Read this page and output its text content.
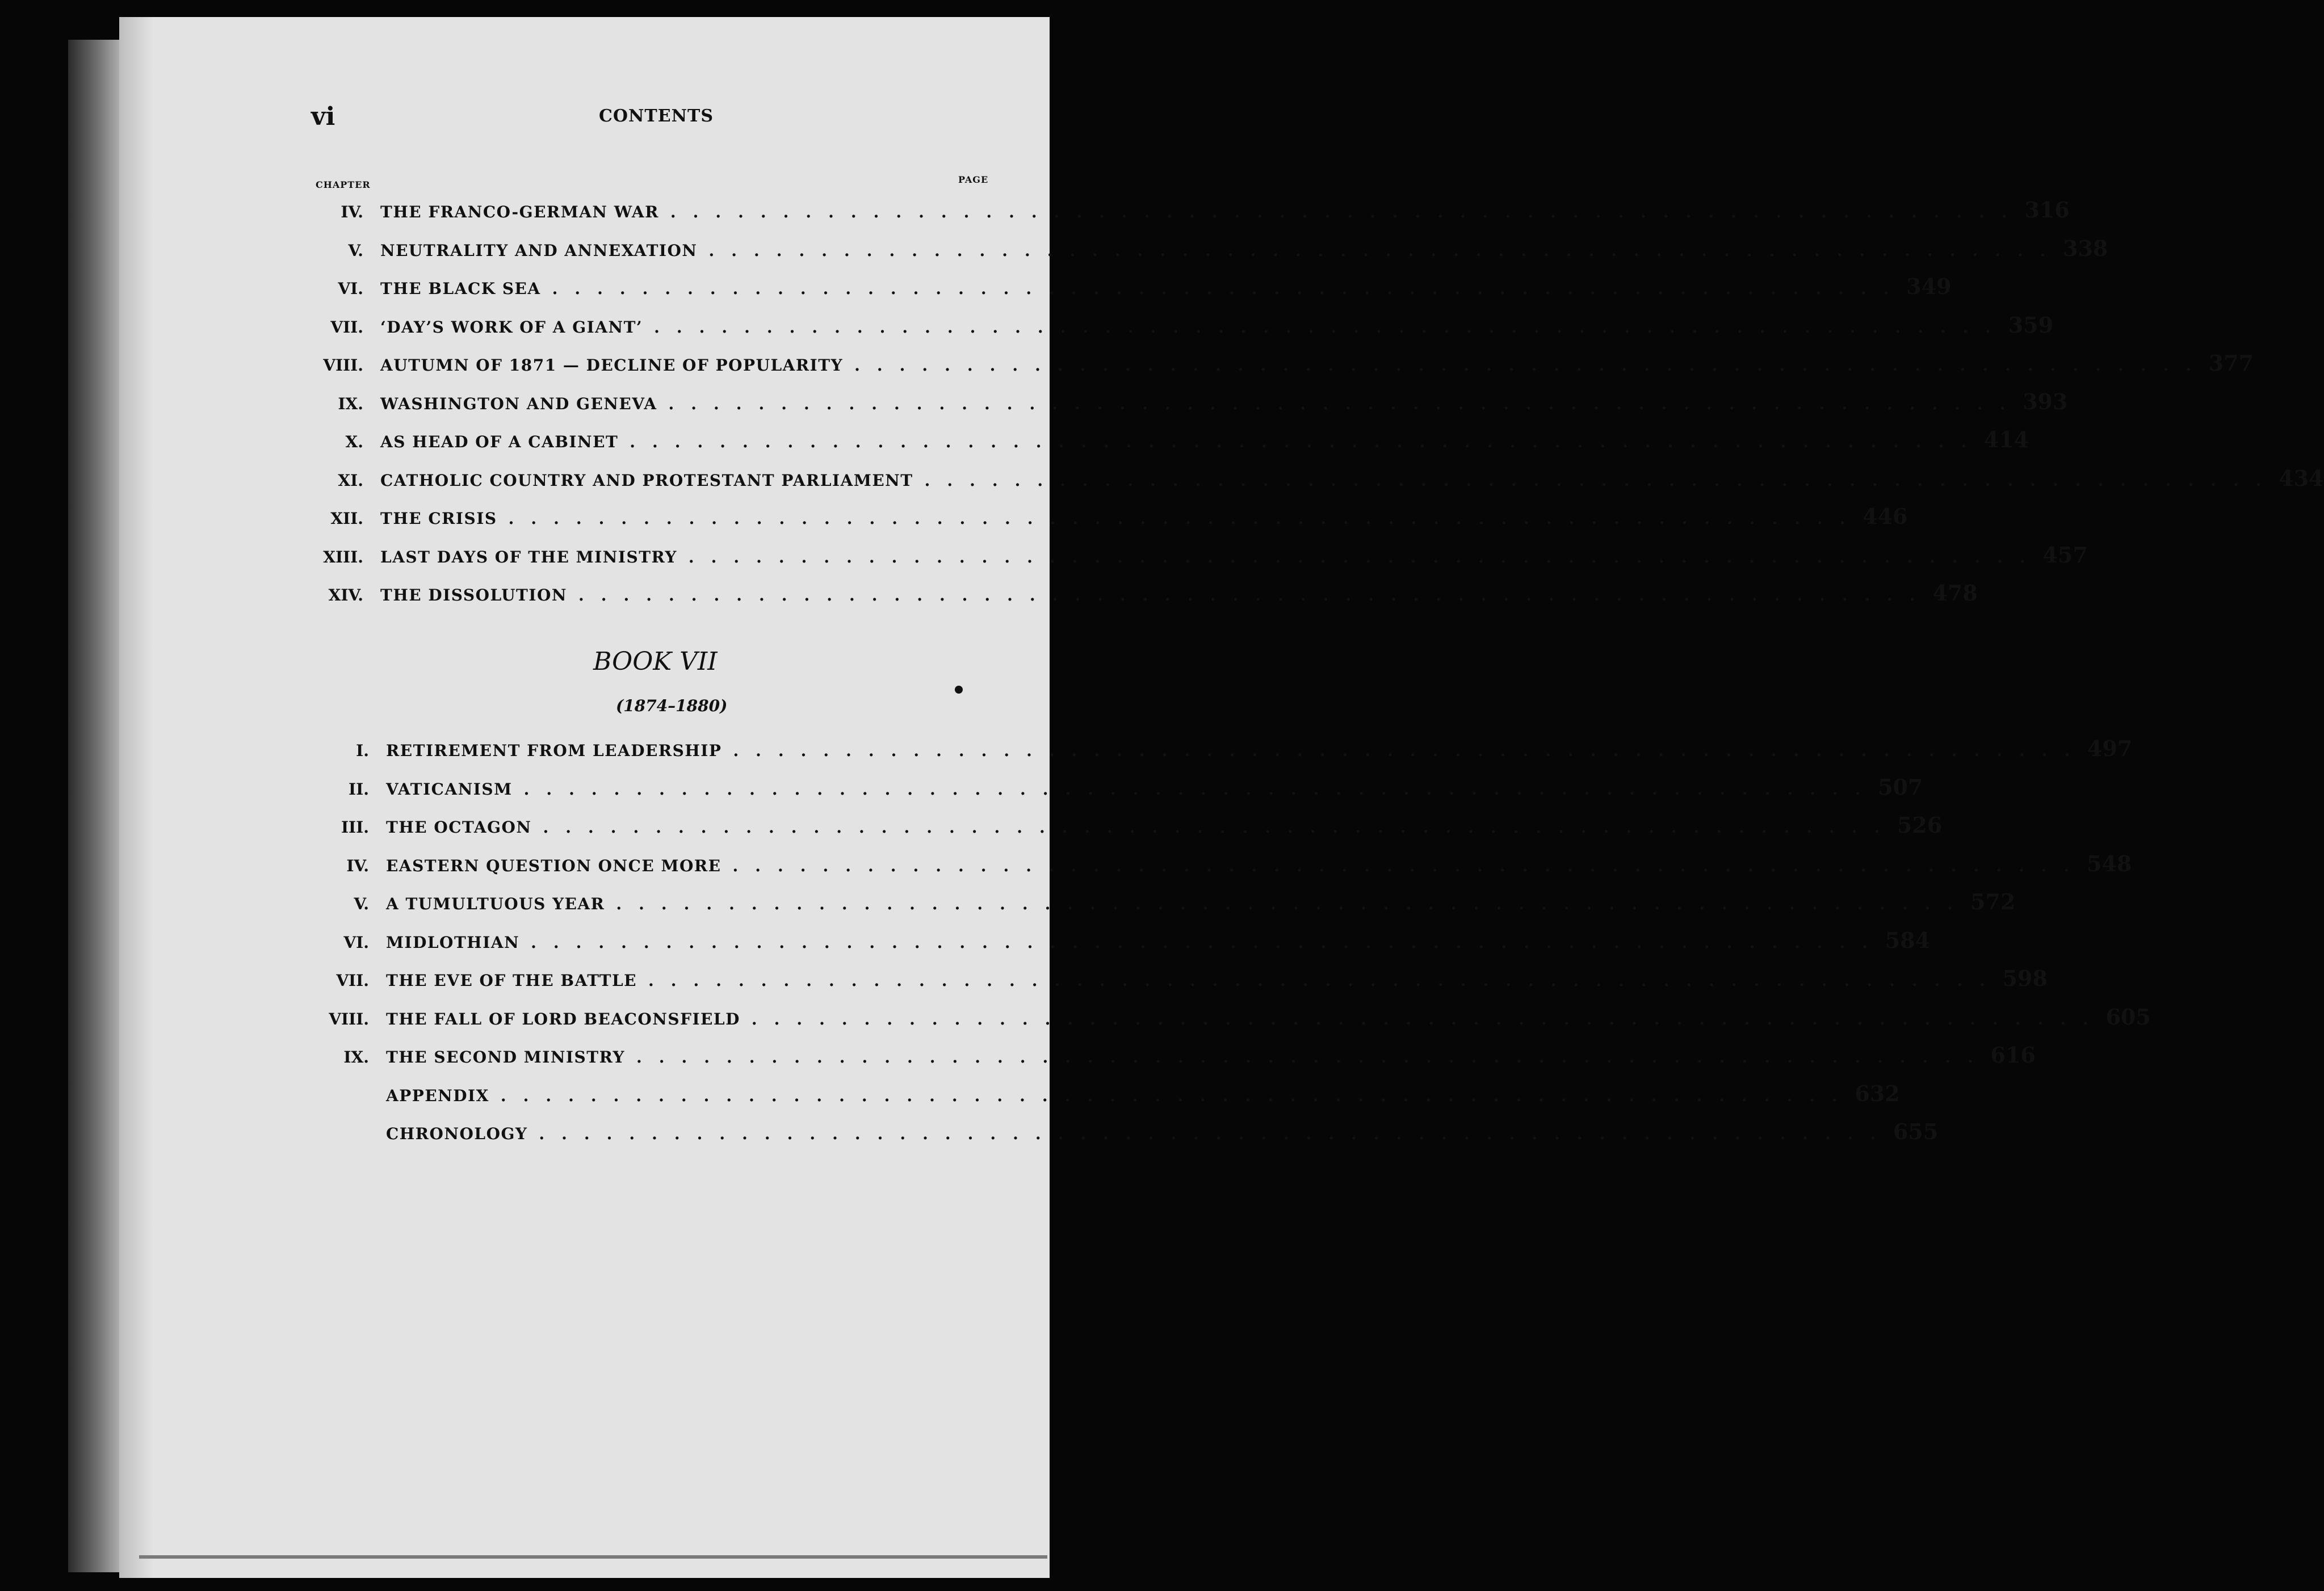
vi	CONTENTS
CHAPTER	PAGE
IV.	THE FRANCO-GERMAN WAR ............................................................ 316
V.	NEUTRALITY AND ANNEXATION ............................................................ 338
VI.	THE BLACK SEA ............................................................ 349
VII.	‘DAY’S WORK OF A GIANT’ ............................................................ 359
VIII.	AUTUMN OF 1871 — DECLINE OF POPULARITY ............................................................ 377
IX.	WASHINGTON AND GENEVA ............................................................ 393
X.	AS HEAD OF A CABINET ............................................................ 414
XI.	CATHOLIC COUNTRY AND PROTESTANT PARLIAMENT ............................................................ 434
XII.	THE CRISIS ............................................................ 446
XIII.	LAST DAYS OF THE MINISTRY ............................................................ 457
XIV.	THE DISSOLUTION ............................................................ 478
I.	RETIREMENT FROM LEADERSHIP ............................................................ 497
II.	VATICANISM ............................................................ 507
III.	THE OCTAGON ............................................................ 526
IV.	EASTERN QUESTION ONCE MORE ............................................................ 548
V.	A TUMULTUOUS YEAR ............................................................ 572
VI.	MIDLOTHIAN ............................................................ 584
VII.	THE EVE OF THE BATTLE ............................................................ 598
VIII.	THE FALL OF LORD BEACONSFIELD ............................................................ 605
IX.	THE SECOND MINISTRY ............................................................ 616
APPENDIX ............................................................ 632
CHRONOLOGY ............................................................ 655
BOOK VII
(1874–1880)
